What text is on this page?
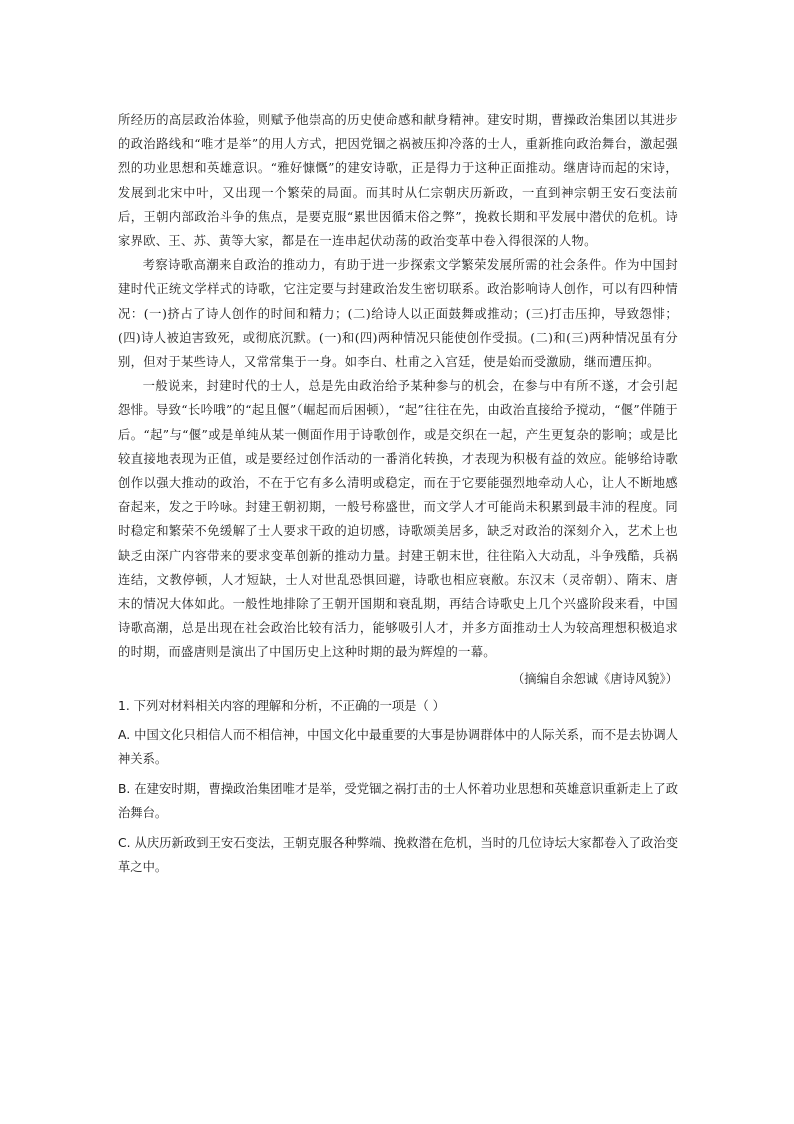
所经历的高层政治体验，则赋予他崇高的历史使命感和献身精神。建安时期，曹操政治集团以其进步的政治路线和“唯才是举”的用人方式，把因党锢之祸被压抑冷落的士人，重新推向政治舞台，激起强烈的功业思想和英雄意识。“雅好慷慨”的建安诗歌，正是得力于这种正面推动。继唐诗而起的宋诗，发展到北宋中叶，又出现一个繁荣的局面。而其时从仁宗朝庆历新政，一直到神宗朝王安石变法前后，王朝内部政治斗争的焦点，是要克服“累世因循末俗之弊”，挽救长期和平发展中潜伏的危机。诗家界欧、王、苏、黄等大家，都是在一连串起伏动荡的政治变革中卷入得很深的人物。

考察诗歌高潮来自政治的推动力，有助于进一步探索文学繁荣发展所需的社会条件。作为中国封建时代正统文学样式的诗歌，它注定要与封建政治发生密切联系。政治影响诗人创作，可以有四种情况：(一)挤占了诗人创作的时间和精力；(二)给诗人以正面鼓舞或推动；(三)打击压抑，导致怨悱；(四)诗人被迫害致死，或彻底沉默。(一)和(四)两种情况只能使创作受损。(二)和(三)两种情况虽有分别，但对于某些诗人，又常常集于一身。如李白、杜甫之入宫廷，使是始而受激励，继而遭压抑。

一般说来，封建时代的士人，总是先由政治给予某种参与的机会，在参与中有所不遂，才会引起怨悱。导致“长吟哦”的“起且偃”（崛起而后困顿），“起”往往在先，由政治直接给予搅动，“偃”伴随于后。“起”与“偃”或是单纯从某一侧面作用于诗歌创作，或是交织在一起，产生更复杂的影响；或是比较直接地表现为正值，或是要经过创作活动的一番消化转换，才表现为积极有益的效应。能够给诗歌创作以强大推动的政治，不在于它有多么清明或稳定，而在于它要能强烈地牵动人心，让人不断地感奋起来，发之于吟咏。封建王朝初期，一般号称盛世，而文学人才可能尚未积累到最丰沛的程度。同时稳定和繁荣不免缓解了士人要求干政的迫切感，诗歌颂美居多，缺乏对政治的深刻介入，艺术上也缺乏由深广内容带来的要求变革创新的推动力量。封建王朝末世，往往陷入大动乱，斗争残酷，兵祸连结，文教停顿，人才短缺，士人对世乱恐惧回避，诗歌也相应衰敝。东汉末（灵帝朝）、隋末、唐末的情况大体如此。一般性地排除了王朝开国期和衰乱期，再结合诗歌史上几个兴盛阶段来看，中国诗歌高潮，总是出现在社会政治比较有活力，能够吸引人才，并多方面推动士人为较高理想积极追求的时期，而盛唐则是演出了中国历史上这种时期的最为辉煌的一幕。

（摘编自余恕诚《唐诗风貌》）

1. 下列对材料相关内容的理解和分析，不正确的一项是（ ）

A. 中国文化只相信人而不相信神，中国文化中最重要的大事是协调群体中的人际关系，而不是去协调人神关系。

B. 在建安时期，曹操政治集团唯才是举，受党锢之祸打击的士人怀着功业思想和英雄意识重新走上了政治舞台。

C. 从庆历新政到王安石变法，王朝克服各种弊端、挽救潜在危机，当时的几位诗坛大家都卷入了政治变革之中。
